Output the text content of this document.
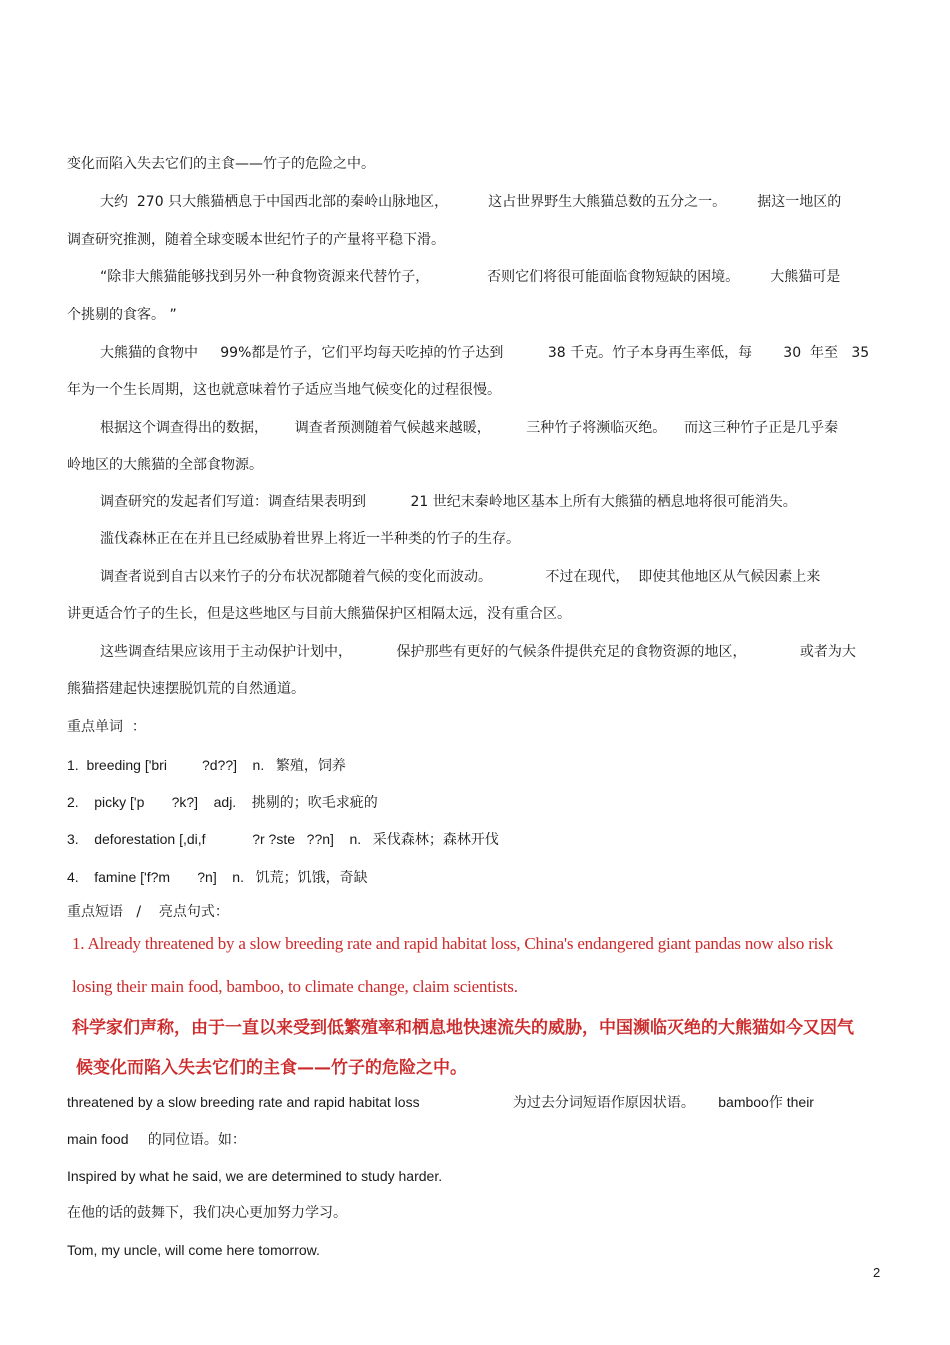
变化而陷入失去它们的主食——竹子的危险之中。
大约  270 只大熊猫栖息于中国西北部的秦岭山脉地区，         这占世界野生大熊猫总数的五分之一。       据这一地区的
调查研究推测，随着全球变暖本世纪竹子的产量将平稳下滑。
“除非大熊猫能够找到另外一种食物资源来代替竹子，             否则它们将很可能面临食物短缺的困境。       大熊猫可是
个挑剔的食客。 ”
大熊猫的食物中     99%都是竹子，它们平均每天吃掉的竹子达到          38 千克。竹子本身再生率低，每       30  年至   35
年为一个生长周期，这也就意味着竹子适应当地气候变化的过程很慢。
根据这个调查得出的数据，      调查者预测随着气候越来越暖，        三种竹子将濒临灭绝。    而这三种竹子正是几乎秦
岭地区的大熊猫的全部食物源。
调查研究的发起者们写道：调查结果表明到          21 世纪末秦岭地区基本上所有大熊猫的栖息地将很可能消失。
滥伐森林正在在并且已经威胁着世界上将近一半种类的竹子的生存。
调查者说到自古以来竹子的分布状况都随着气候的变化而波动。            不过在现代，  即使其他地区从气候因素上来
讲更适合竹子的生长，但是这些地区与目前大熊猫保护区相隔太远，没有重合区。
这些调查结果应该用于主动保护计划中，          保护那些有更好的气候条件提供充足的食物资源的地区，            或者为大
熊猫搭建起快速摆脱饥荒的自然通道。
重点单词  ：
1.  breeding ['bri         ?d??]    n.   繁殖，饲养
2.    picky ['p       ?k?]    adj.    挑剔的；吹毛求疵的
3.    deforestation [,di,f            ?r ?ste   ??n]    n.   采伐森林；森林开伐
4.    famine ['f?m       ?n]    n.   饥荒；饥饿，奇缺
重点短语   /    亮点句式：
1. Already threatened by a slow breeding rate and rapid habitat loss, China's endangered giant pandas now also risk
losing their main food, bamboo, to climate change, claim scientists.
科学家们声称，由于一直以来受到低繁殖率和栖息地快速流失的威胁，中国濒临灭绝的大熊猫如今又因气
候变化而陷入失去它们的主食——竹子的危险之中。
threatened by a slow breeding rate and rapid habitat loss                        为过去分词短语作原因状语。      bamboo作 their
main food     的同位语。如：
Inspired by what he said, we are determined to study harder.
在他的话的鼓舞下，我们决心更加努力学习。
Tom, my uncle, will come here tomorrow.
2
